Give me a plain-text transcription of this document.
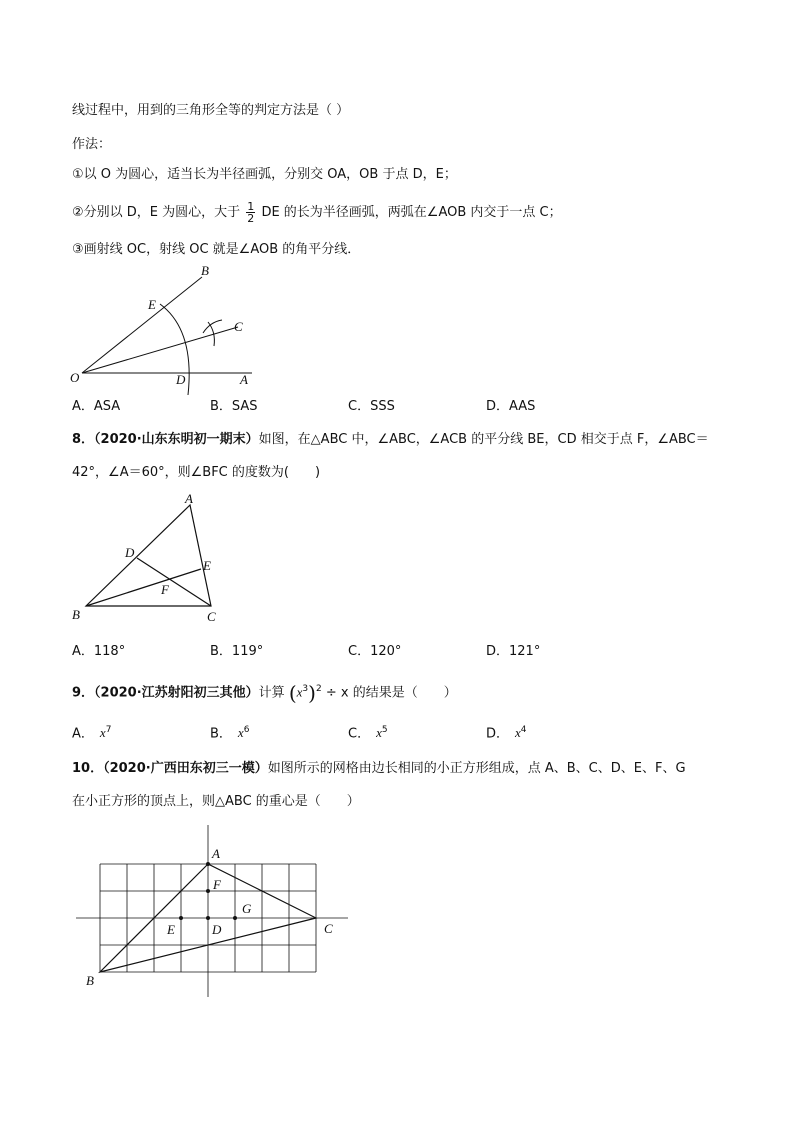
线过程中，用到的三角形全等的判定方法是（ ）
作法：
①以 O 为圆心，适当长为半径画弧，分别交 OA，OB 于点 D，E；
②分别以 D，E 为圆心，大于 $\frac{1}{2}$ DE 的长为半径画弧，两弧在∠AOB 内交于一点 C；
③画射线 OC，射线 OC 就是∠AOB 的角平分线．
O	A
B
C
D
E
A．ASA	B．SAS	C．SSS	D．AAS
8．（2020·山东东明初一期末）如图，在△ABC 中，∠ABC，∠ACB 的平分线 BE，CD 相交于点 F，∠ABC＝
42°，∠A＝60°，则∠BFC 的度数为(　　)
A
B	C
D
E
F
A．118°	B．119°	C．120°	D．121°
9．（2020·江苏射阳初三其他）计算 $(x^3)^2 \div x$ 的结果是（　　）
A． $x^7$	B． $x^6$	C． $x^5$	D． $x^4$
10．（2020·广西田东初三一模）如图所示的网格由边长相同的小正方形组成，点 A、B、C、D、E、F、G
在小正方形的顶点上，则△ABC 的重心是（　　）
A
B
C
D
E
F
G
